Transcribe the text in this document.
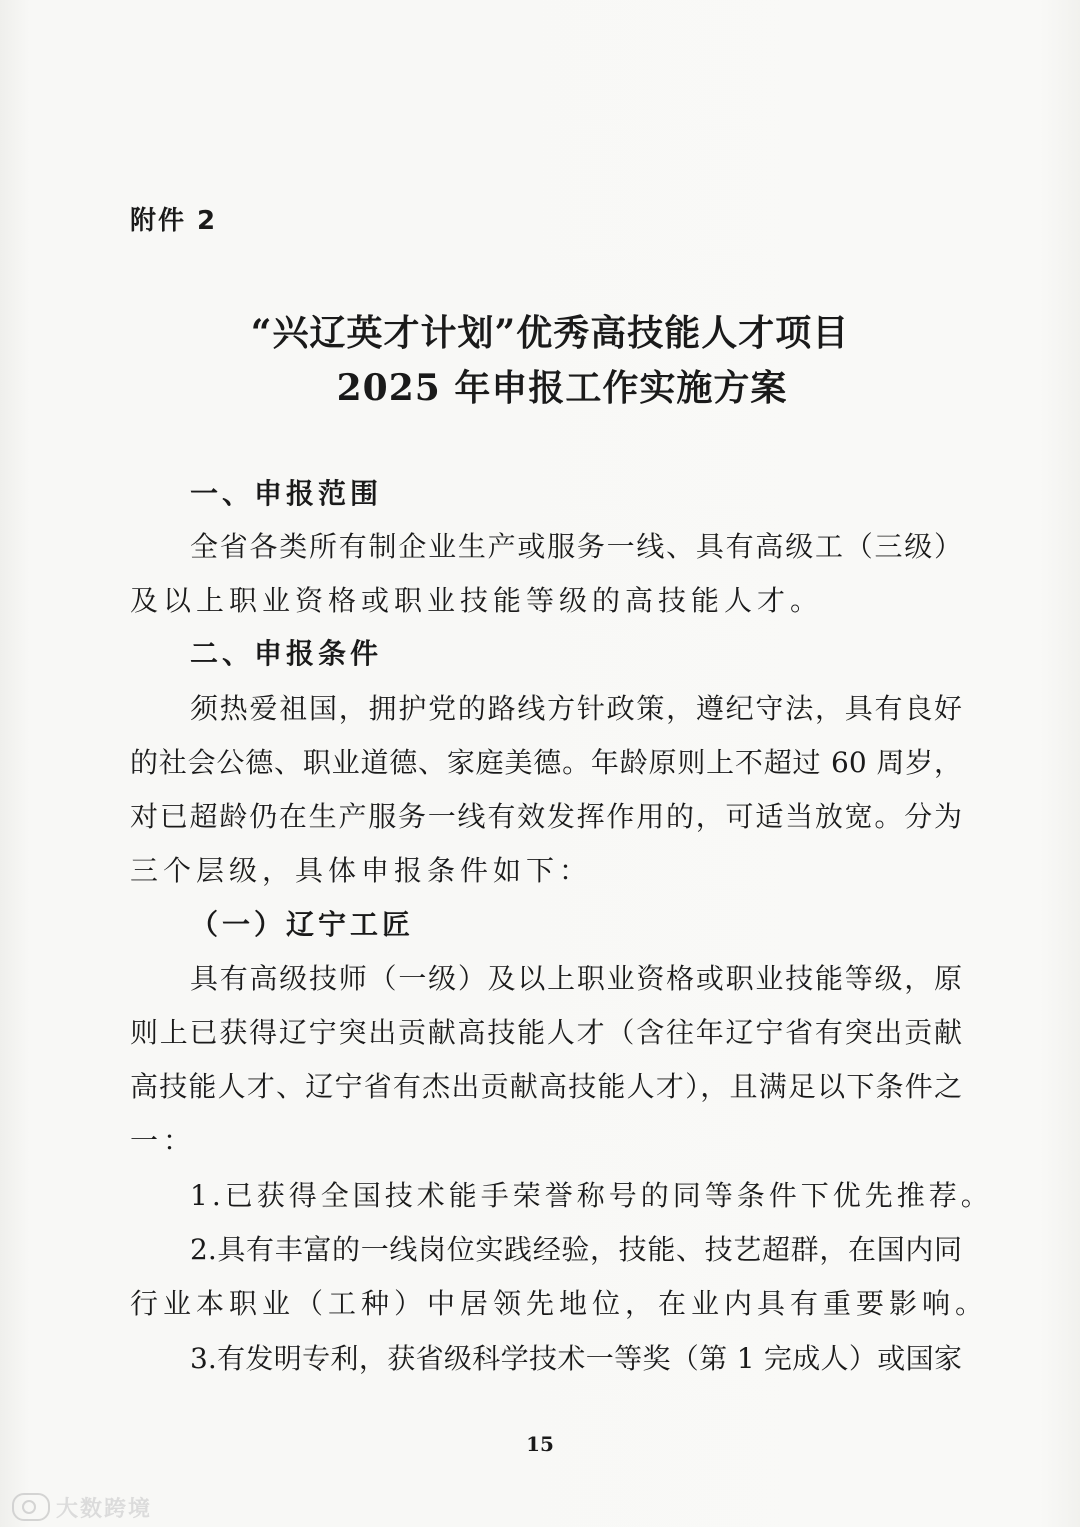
附件 2
“兴辽英才计划”优秀高技能人才项目
2025 年申报工作实施方案
一、申报范围
全省各类所有制企业生产或服务一线、具有高级工（三级）
及以上职业资格或职业技能等级的高技能人才。
二、申报条件
须热爱祖国，拥护党的路线方针政策，遵纪守法，具有良好
的社会公德、职业道德、家庭美德。年龄原则上不超过 60 周岁，
对已超龄仍在生产服务一线有效发挥作用的，可适当放宽。分为
三个层级，具体申报条件如下：
（一）辽宁工匠
具有高级技师（一级）及以上职业资格或职业技能等级，原
则上已获得辽宁突出贡献高技能人才（含往年辽宁省有突出贡献
高技能人才、辽宁省有杰出贡献高技能人才），且满足以下条件之
一：
1.已获得全国技术能手荣誉称号的同等条件下优先推荐。
2.具有丰富的一线岗位实践经验，技能、技艺超群，在国内同
行业本职业（工种）中居领先地位，在业内具有重要影响。
3.有发明专利，获省级科学技术一等奖（第 1 完成人）或国家
15
大数跨境
